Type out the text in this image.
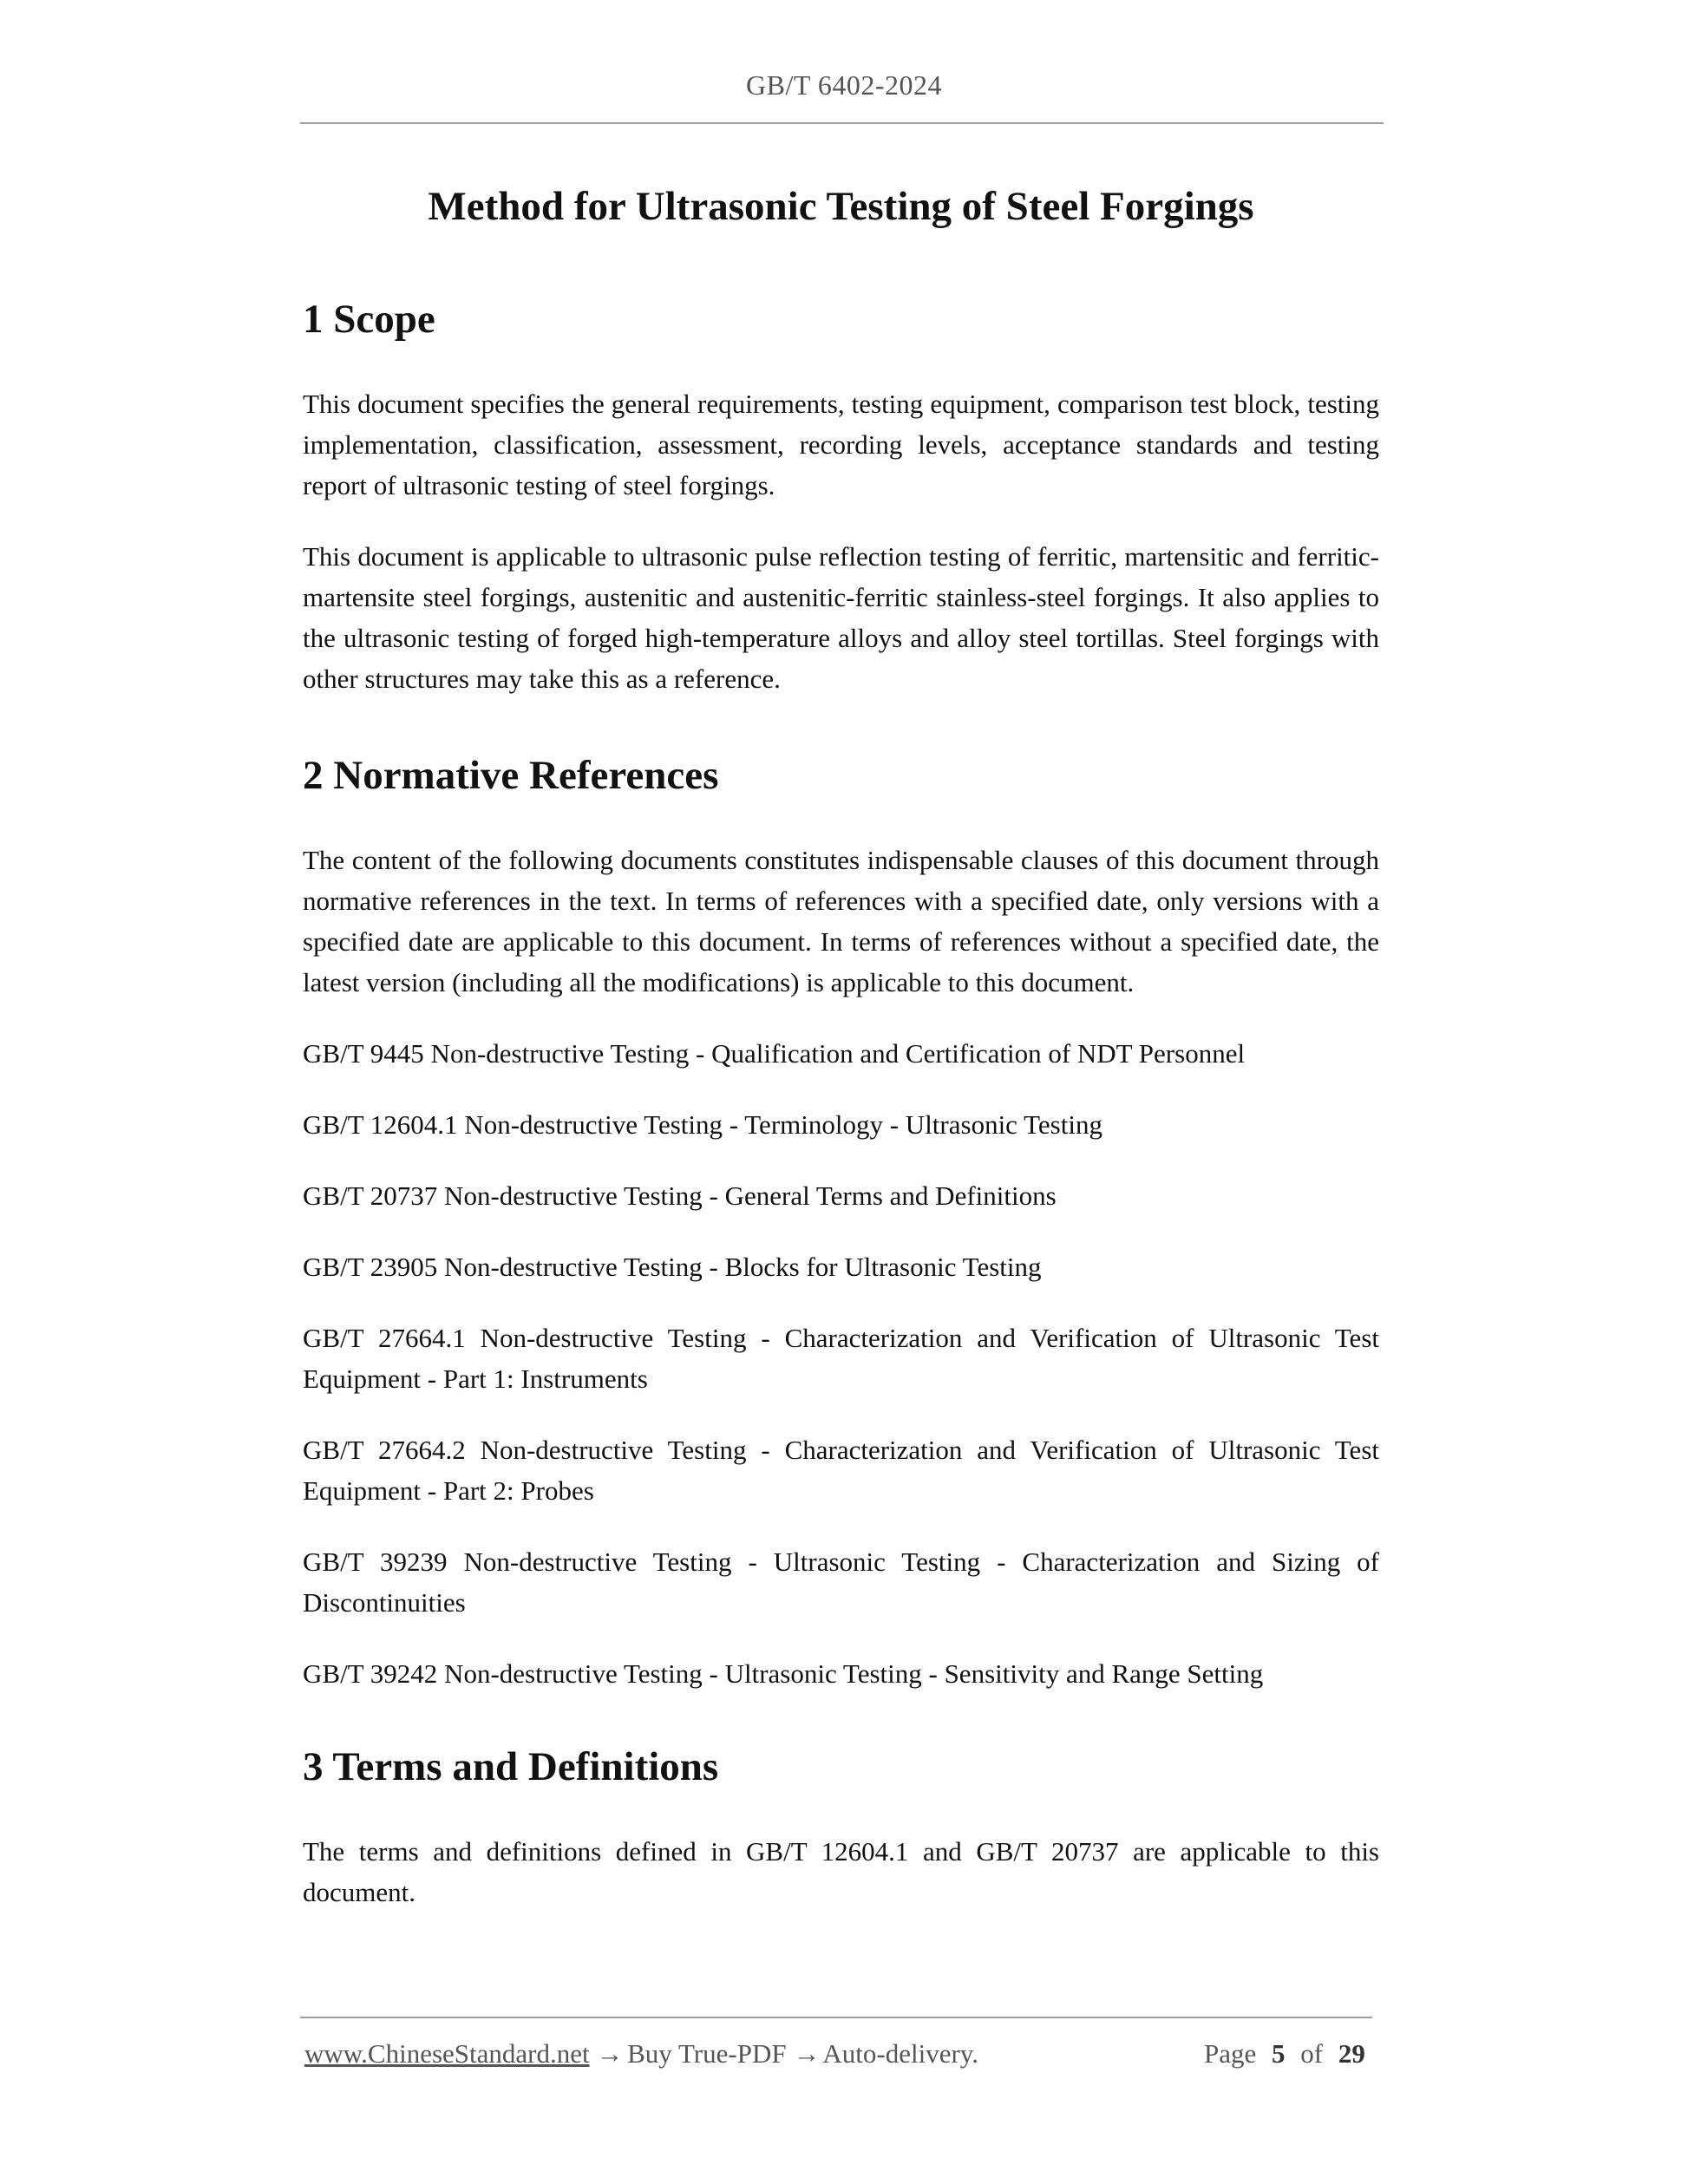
GB/T 6402-2024
Method for Ultrasonic Testing of Steel Forgings
1 Scope

This document specifies the general requirements, testing equipment, comparison test block, testing implementation, classification, assessment, recording levels, acceptance standards and testing report of ultrasonic testing of steel forgings.

This document is applicable to ultrasonic pulse reflection testing of ferritic, martensitic and ferritic-martensite steel forgings, austenitic and austenitic-ferritic stainless-steel forgings. It also applies to the ultrasonic testing of forged high-temperature alloys and alloy steel tortillas. Steel forgings with other structures may take this as a reference.

2 Normative References

The content of the following documents constitutes indispensable clauses of this document through normative references in the text. In terms of references with a specified date, only versions with a specified date are applicable to this document. In terms of references without a specified date, the latest version (including all the modifications) is applicable to this document.

GB/T 9445 Non-destructive Testing - Qualification and Certification of NDT Personnel
GB/T 12604.1 Non-destructive Testing - Terminology - Ultrasonic Testing
GB/T 20737 Non-destructive Testing - General Terms and Definitions
GB/T 23905 Non-destructive Testing - Blocks for Ultrasonic Testing
GB/T 27664.1 Non-destructive Testing - Characterization and Verification of Ultrasonic Test Equipment - Part 1: Instruments
GB/T 27664.2 Non-destructive Testing - Characterization and Verification of Ultrasonic Test Equipment - Part 2: Probes
GB/T 39239 Non-destructive Testing - Ultrasonic Testing - Characterization and Sizing of Discontinuities
GB/T 39242 Non-destructive Testing - Ultrasonic Testing - Sensitivity and Range Setting
3 Terms and Definitions

The terms and definitions defined in GB/T 12604.1 and GB/T 20737 are applicable to this document.

www.ChineseStandard.net → Buy True-PDF → Auto-delivery.	Page 5 of 29
